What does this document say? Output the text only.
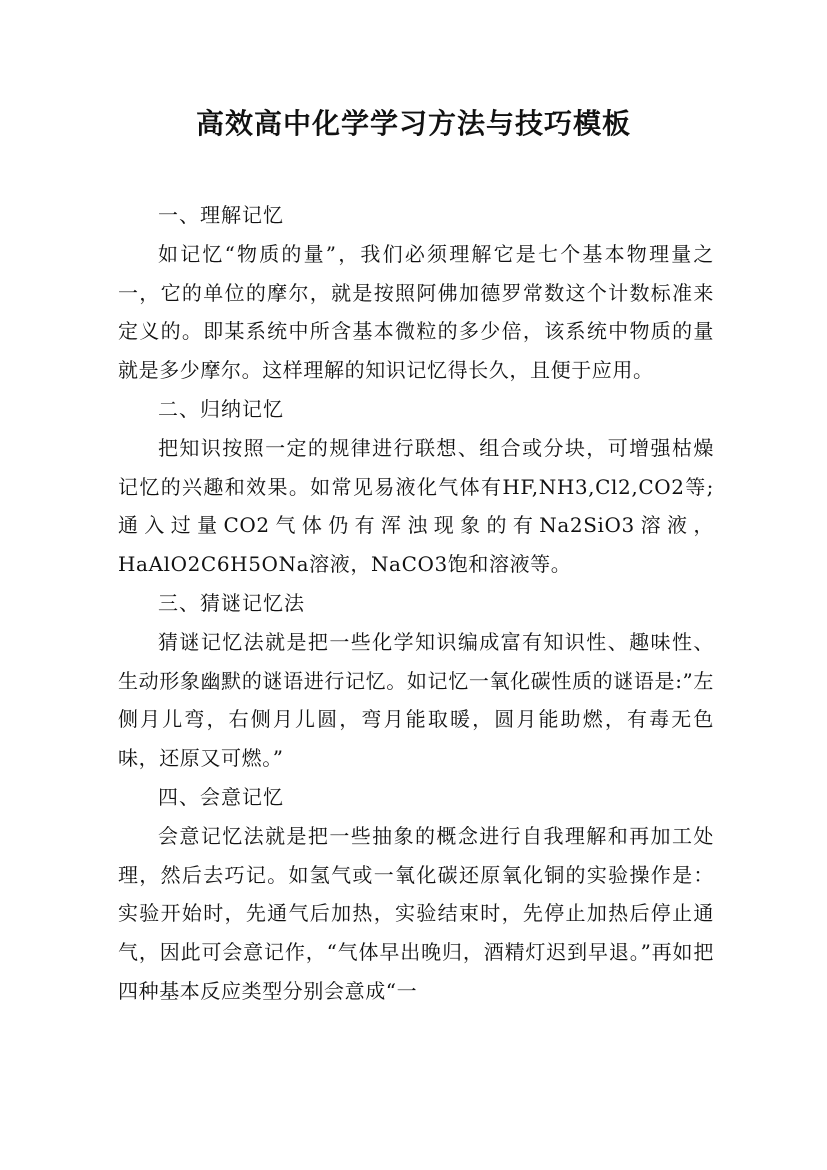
高效高中化学学习方法与技巧模板

一、理解记忆

如记忆“物质的量”，我们必须理解它是七个基本物理量之一，它的单位的摩尔，就是按照阿佛加德罗常数这个计数标准来定义的。即某系统中所含基本微粒的多少倍，该系统中物质的量就是多少摩尔。这样理解的知识记忆得长久，且便于应用。

二、归纳记忆

把知识按照一定的规律进行联想、组合或分块，可增强枯燥记忆的兴趣和效果。如常见易液化气体有HF,NH3,Cl2,CO2等;通入过量CO2气体仍有浑浊现象的有Na2SiO3溶液，HaAlO2C6H5ONa溶液，NaCO3饱和溶液等。

三、猜谜记忆法

猜谜记忆法就是把一些化学知识编成富有知识性、趣味性、生动形象幽默的谜语进行记忆。如记忆一氧化碳性质的谜语是:”左侧月儿弯，右侧月儿圆，弯月能取暖，圆月能助燃，有毒无色味，还原又可燃。”

四、会意记忆

会意记忆法就是把一些抽象的概念进行自我理解和再加工处理，然后去巧记。如氢气或一氧化碳还原氧化铜的实验操作是：实验开始时，先通气后加热，实验结束时，先停止加热后停止通气，因此可会意记作，“气体早出晚归，酒精灯迟到早退。”再如把四种基本反应类型分别会意成“一
